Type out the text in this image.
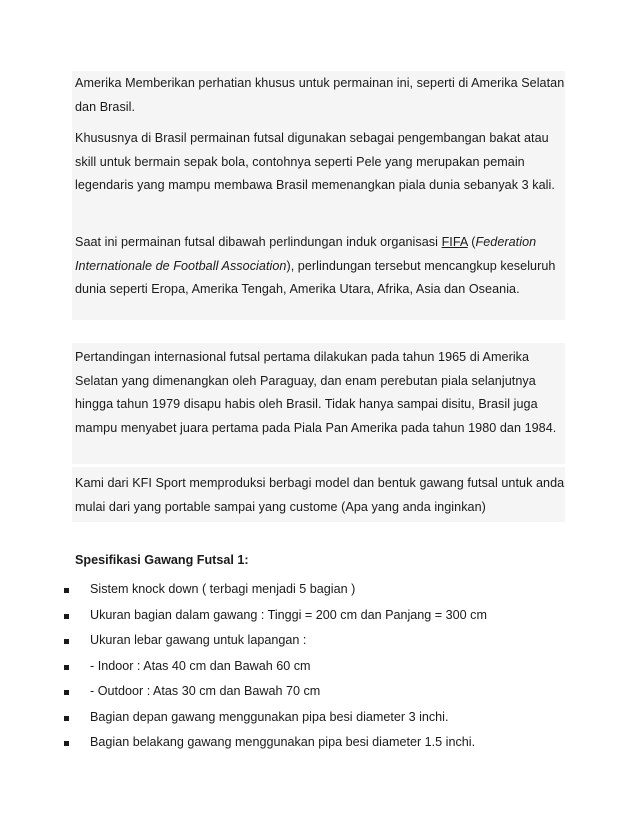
Amerika Memberikan perhatian khusus untuk permainan ini, seperti di Amerika Selatan dan Brasil.
Khususnya di Brasil permainan futsal digunakan sebagai pengembangan bakat atau skill untuk bermain sepak bola, contohnya seperti Pele yang merupakan pemain legendaris yang mampu membawa Brasil memenangkan piala dunia sebanyak 3 kali.
Saat ini permainan futsal dibawah perlindungan induk organisasi FIFA (Federation Internationale de Football Association), perlindungan tersebut mencangkup keseluruh dunia seperti Eropa, Amerika Tengah, Amerika Utara, Afrika, Asia dan Oseania.
Pertandingan internasional futsal pertama dilakukan pada tahun 1965 di Amerika Selatan yang dimenangkan oleh Paraguay, dan enam perebutan piala selanjutnya hingga tahun 1979 disapu habis oleh Brasil. Tidak hanya sampai disitu, Brasil juga mampu menyabet juara pertama pada Piala Pan Amerika pada tahun 1980 dan 1984.
Kami dari KFI Sport memproduksi berbagi model dan bentuk gawang futsal untuk anda mulai dari yang portable sampai yang custome (Apa yang anda inginkan)
Spesifikasi Gawang Futsal 1:
Sistem knock down ( terbagi menjadi 5 bagian )
Ukuran bagian dalam gawang : Tinggi = 200 cm dan Panjang = 300 cm
Ukuran lebar gawang untuk lapangan :
- Indoor : Atas 40 cm dan Bawah 60 cm
- Outdoor : Atas 30 cm dan Bawah 70 cm
Bagian depan gawang menggunakan pipa besi diameter 3 inchi.
Bagian belakang gawang menggunakan pipa besi diameter 1.5 inchi.
